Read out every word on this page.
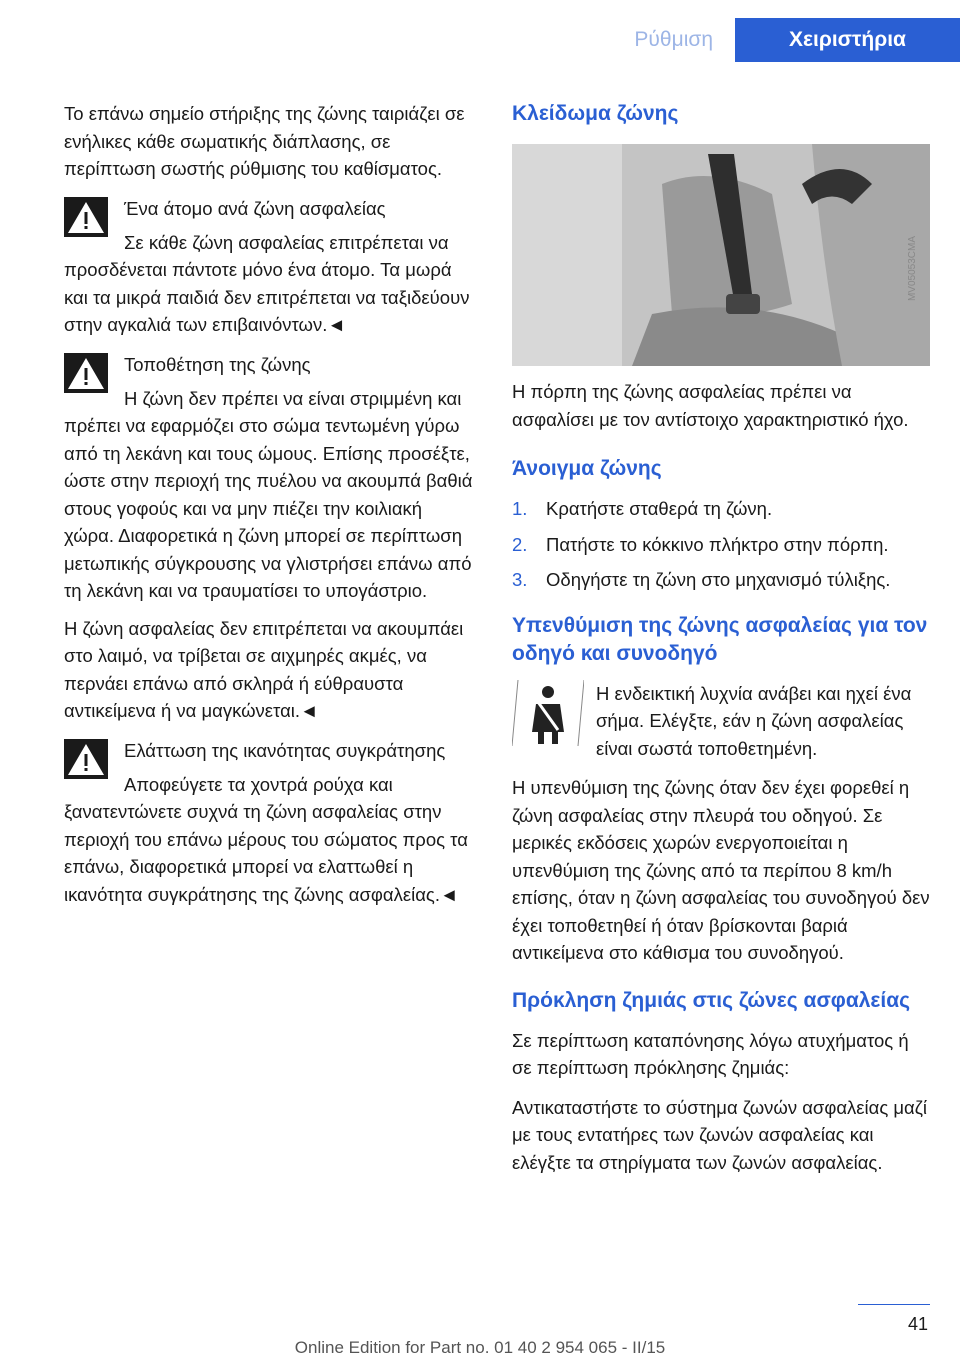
Ρύθμιση	Χειριστήρια

Το επάνω σημείο στήριξης της ζώνης ταιριάζει σε ενήλικες κάθε σωματικής διάπλασης, σε περίπτωση σωστής ρύθμισης του καθίσματος.

Ένα άτομο ανά ζώνη ασφαλείας
Σε κάθε ζώνη ασφαλείας επιτρέπεται να προσδένεται πάντοτε μόνο ένα άτομο. Τα μωρά και τα μικρά παιδιά δεν επιτρέπεται να ταξιδεύουν στην αγκαλιά των επιβαινόντων.◄
Τοποθέτηση της ζώνης
Η ζώνη δεν πρέπει να είναι στριμμένη και πρέπει να εφαρμόζει στο σώμα τεντωμένη γύρω από τη λεκάνη και τους ώμους. Επίσης προσέξτε, ώστε στην περιοχή της πυέλου να ακουμπά βαθιά στους γοφούς και να μην πιέζει την κοιλιακή χώρα. Διαφορετικά η ζώνη μπορεί σε περίπτωση μετωπικής σύγκρουσης να γλιστρήσει επάνω από τη λεκάνη και να τραυματίσει το υπογάστριο.

Η ζώνη ασφαλείας δεν επιτρέπεται να ακουμπάει στο λαιμό, να τρίβεται σε αιχμηρές ακμές, να περνάει επάνω από σκληρά ή εύθραυστα αντικείμενα ή να μαγκώνεται.◄

Ελάττωση της ικανότητας συγκράτησης
Αποφεύγετε τα χοντρά ρούχα και ξανατεντώνετε συχνά τη ζώνη ασφαλείας στην περιοχή του επάνω μέρους του σώματος προς τα επάνω, διαφορετικά μπορεί να ελαττωθεί η ικανότητα συγκράτησης της ζώνης ασφαλείας.◄
Κλείδωμα ζώνης
MV05053CMA

Η πόρπη της ζώνης ασφαλείας πρέπει να ασφαλίσει με τον αντίστοιχο χαρακτηριστικό ήχο.

Άνοιγμα ζώνης
1.	Κρατήστε σταθερά τη ζώνη.
2.	Πατήστε το κόκκινο πλήκτρο στην πόρπη.
3.	Οδηγήστε τη ζώνη στο μηχανισμό τύλιξης.
Υπενθύμιση της ζώνης ασφαλείας για τον οδηγό και συνοδηγό
Η ενδεικτική λυχνία ανάβει και ηχεί ένα σήμα. Ελέγξτε, εάν η ζώνη ασφαλείας είναι σωστά τοποθετημένη.

Η υπενθύμιση της ζώνης όταν δεν έχει φορεθεί η ζώνη ασφαλείας στην πλευρά του οδηγού. Σε μερικές εκδόσεις χωρών ενεργοποιείται η υπενθύμιση της ζώνης από τα περίπου 8 km/h επίσης, όταν η ζώνη ασφαλείας του συνοδηγού δεν έχει τοποθετηθεί ή όταν βρίσκονται βαριά αντικείμενα στο κάθισμα του συνοδηγού.

Πρόκληση ζημιάς στις ζώνες ασφαλείας

Σε περίπτωση καταπόνησης λόγω ατυχήματος ή σε περίπτωση πρόκλησης ζημιάς:

Αντικαταστήστε το σύστημα ζωνών ασφαλείας μαζί με τους εντατήρες των ζωνών ασφαλείας και ελέγξτε τα στηρίγματα των ζωνών ασφαλείας.

41
Online Edition for Part no. 01 40 2 954 065 - II/15
